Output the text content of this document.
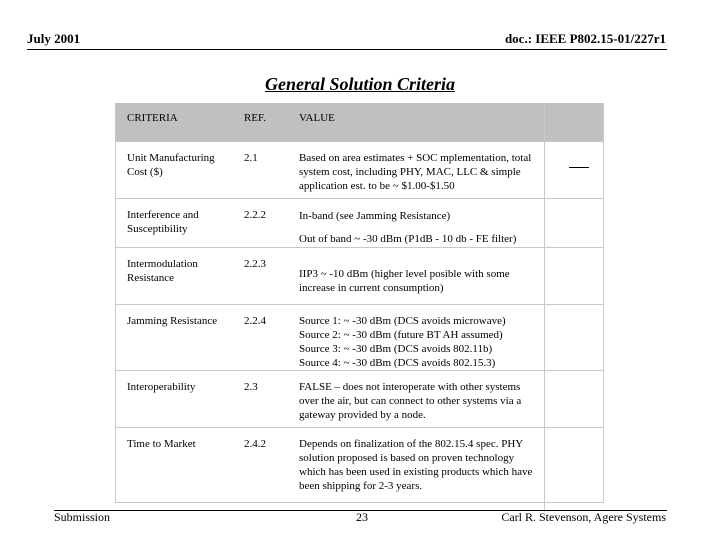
July 2001	doc.: IEEE P802.15-01/227r1
General Solution Criteria
CRITERIA	REF.	VALUE	
Unit Manufacturing Cost ($)	2.1	Based on area estimates + SOC mplementation, total system cost, including PHY, MAC, LLC & simple application est. to be ~ $1.00-$1.50	

Interference and Susceptibility	2.2.2	In-band (see Jamming Resistance)
Out of band ~ -30 dBm (P1dB - 10 db - FE filter)	

Intermodulation Resistance	2.2.3	IIP3 ~ -10 dBm (higher level posible with some increase in current consumption)	

Jamming Resistance	2.2.4	Source 1: ~ -30 dBm (DCS avoids microwave)
Source 2: ~ -30 dBm (future BT AH assumed)
Source 3: ~ -30 dBm (DCS avoids 802.11b)
Source 4: ~ -30 dBm (DCS avoids 802.15.3)	

Interoperability	2.3	FALSE – does not interoperate with other systems over the air, but can connect to other systems via a gateway provided by a node.	

Time to Market	2.4.2	Depends on finalization of the 802.15.4 spec. PHY solution proposed is based on proven technology which has been used in existing products which have been shipping for 2-3 years.	

Submission	23	Carl R. Stevenson, Agere Systems
